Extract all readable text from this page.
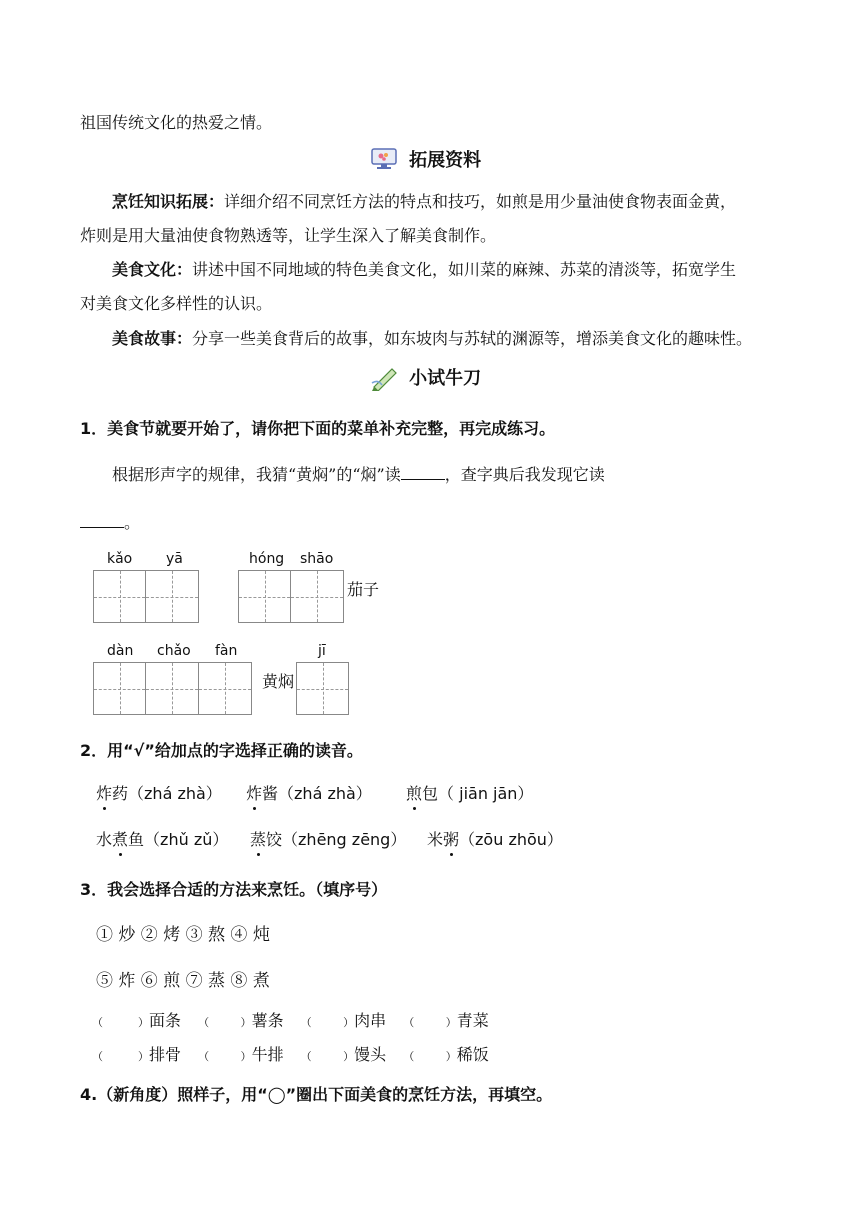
祖国传统文化的热爱之情。
拓展资料
烹饪知识拓展：详细介绍不同烹饪方法的特点和技巧，如煎是用少量油使食物表面金黄，
炸则是用大量油使食物熟透等，让学生深入了解美食制作。
美食文化：讲述中国不同地域的特色美食文化，如川菜的麻辣、苏菜的清淡等，拓宽学生
对美食文化多样性的认识。
美食故事：分享一些美食背后的故事，如东坡肉与苏轼的渊源等，增添美食文化的趣味性。
小试牛刀
1．美食节就要开始了，请你把下面的菜单补充完整，再完成练习。
根据形声字的规律，我猜“黄焖”的“焖”读	，查字典后我发现它读
。
kǎo yā	hóng shāo
茄子
dàn chǎo fàn
黄焖
jī
2．用“√”给加点的字选择正确的读音。
炸药（zhá zhà） 炸酱（zhá zhà） 煎包（ jiān jān）
水煮鱼（zhǔ zǔ） 蒸饺（zhēng zēng） 米粥（zōu zhōu）
3．我会选择合适的方法来烹饪。（填序号）
① 炒 ② 烤 ③ 熬 ④ 炖
⑤ 炸 ⑥ 煎 ⑦ 蒸 ⑧ 煮
（          ）面条 （         ）薯条 （         ）肉串 （         ）青菜
（          ）排骨 （         ）牛排 （         ）馒头 （         ）稀饭
4.（新角度）照样子，用“◯”圈出下面美食的烹饪方法，再填空。
